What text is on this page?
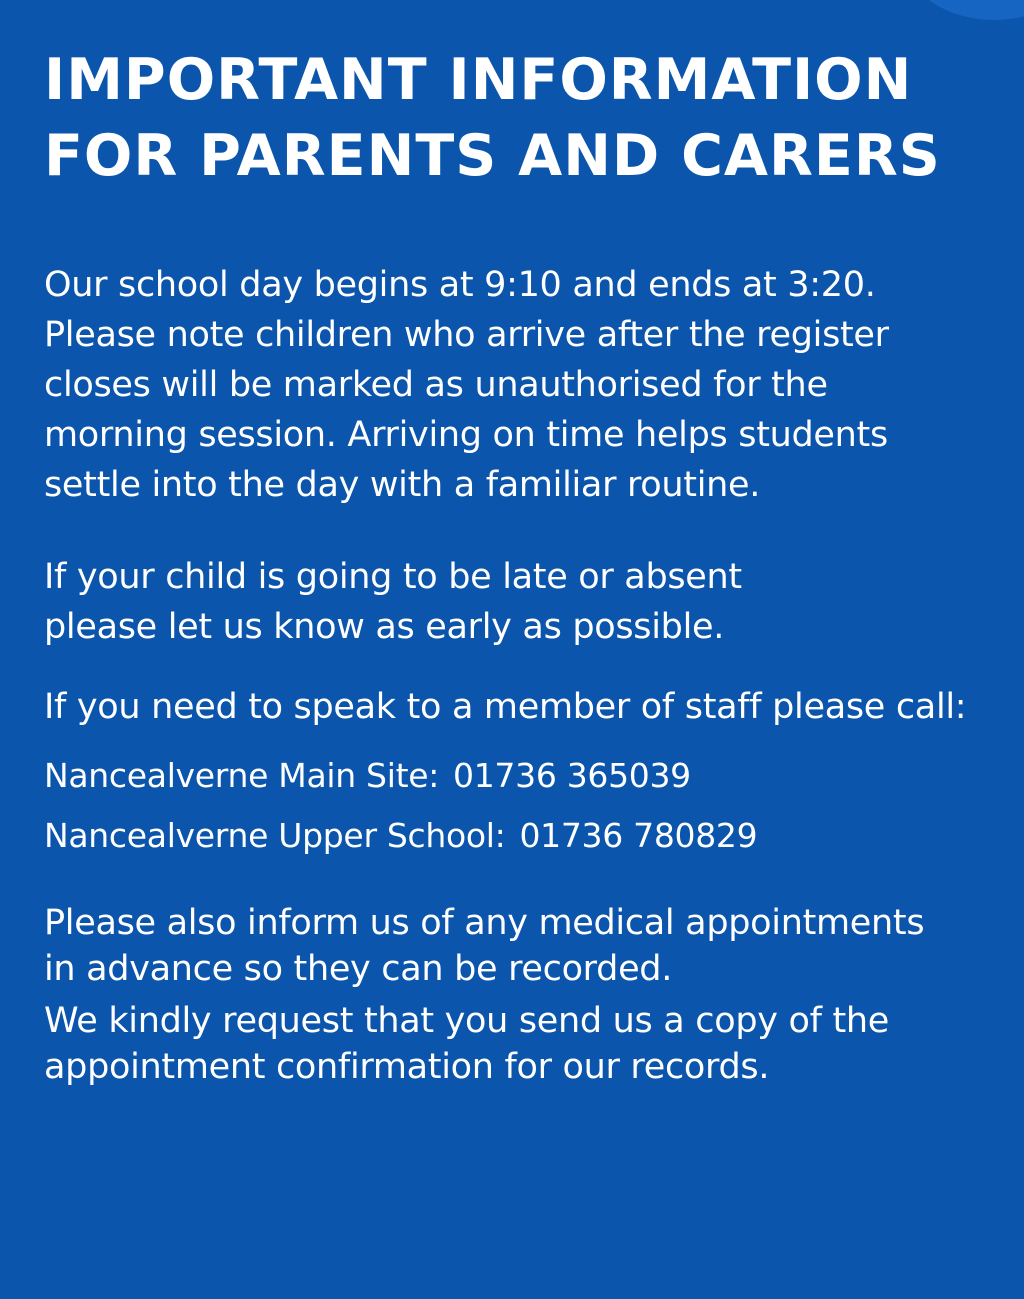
IMPORTANT INFORMATION
FOR PARENTS AND CARERS

Our school day begins at 9:10 and ends at 3:20.
Please note children who arrive after the register
closes will be marked as unauthorised for the
morning session. Arriving on time helps students
settle into the day with a familiar routine.

If your child is going to be late or absent
please let us know as early as possible.

If you need to speak to a member of staff please call:

Nancealverne Main Site: 01736 365039
Nancealverne Upper School: 01736 780829

Please also inform us of any medical appointments
in advance so they can be recorded.

We kindly request that you send us a copy of the
appointment confirmation for our records.
